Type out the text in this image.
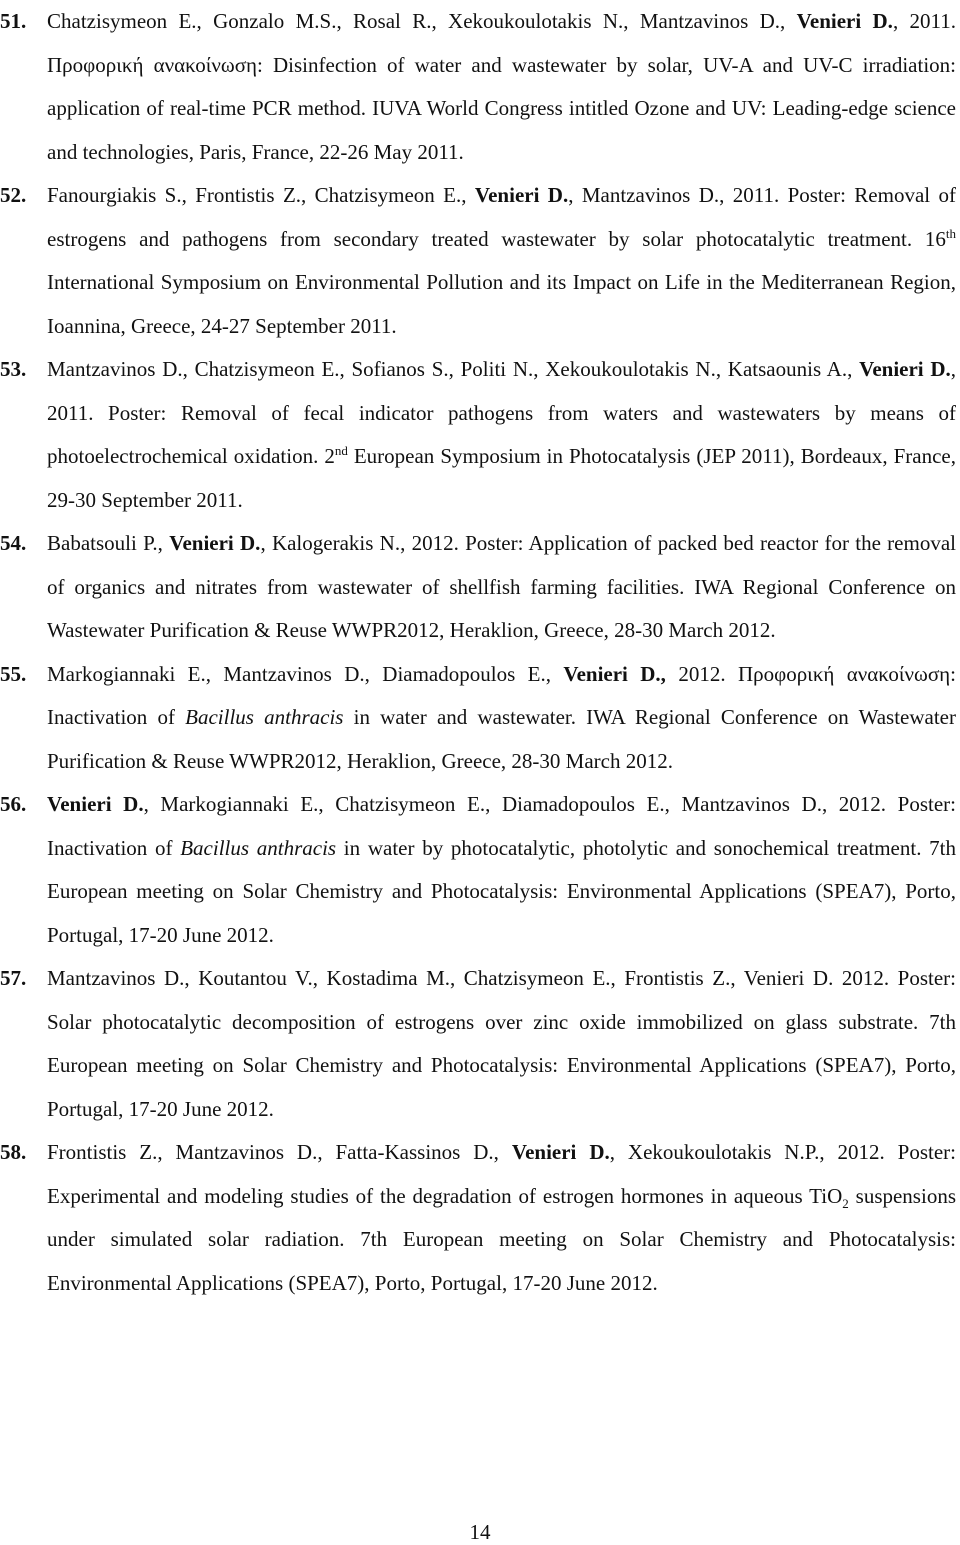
51. Chatzisymeon E., Gonzalo M.S., Rosal R., Xekoukoulotakis N., Mantzavinos D., Venieri D., 2011. Προφορική ανακοίνωση: Disinfection of water and wastewater by solar, UV-A and UV-C irradiation: application of real-time PCR method. IUVA World Congress intitled Ozone and UV: Leading-edge science and technologies, Paris, France, 22-26 May 2011.
52. Fanourgiakis S., Frontistis Z., Chatzisymeon E., Venieri D., Mantzavinos D., 2011. Poster: Removal of estrogens and pathogens from secondary treated wastewater by solar photocatalytic treatment. 16th International Symposium on Environmental Pollution and its Impact on Life in the Mediterranean Region, Ioannina, Greece, 24-27 September 2011.
53. Mantzavinos D., Chatzisymeon E., Sofianos S., Politi N., Xekoukoulotakis N., Katsaounis A., Venieri D., 2011. Poster: Removal of fecal indicator pathogens from waters and wastewaters by means of photoelectrochemical oxidation. 2nd European Symposium in Photocatalysis (JEP 2011), Bordeaux, France, 29-30 September 2011.
54. Babatsouli P., Venieri D., Kalogerakis N., 2012. Poster: Application of packed bed reactor for the removal of organics and nitrates from wastewater of shellfish farming facilities. IWA Regional Conference on Wastewater Purification & Reuse WWPR2012, Heraklion, Greece, 28-30 March 2012.
55. Markogiannaki E., Mantzavinos D., Diamadopoulos E., Venieri D., 2012. Προφορική ανακοίνωση: Inactivation of Bacillus anthracis in water and wastewater. IWA Regional Conference on Wastewater Purification & Reuse WWPR2012, Heraklion, Greece, 28-30 March 2012.
56. Venieri D., Markogiannaki E., Chatzisymeon E., Diamadopoulos E., Mantzavinos D., 2012. Poster: Inactivation of Bacillus anthracis in water by photocatalytic, photolytic and sonochemical treatment. 7th European meeting on Solar Chemistry and Photocatalysis: Environmental Applications (SPEA7), Porto, Portugal, 17-20 June 2012.
57. Mantzavinos D., Koutantou V., Kostadima M., Chatzisymeon E., Frontistis Z., Venieri D. 2012. Poster: Solar photocatalytic decomposition of estrogens over zinc oxide immobilized on glass substrate. 7th European meeting on Solar Chemistry and Photocatalysis: Environmental Applications (SPEA7), Porto, Portugal, 17-20 June 2012.
58. Frontistis Z., Mantzavinos D., Fatta-Kassinos D., Venieri D., Xekoukoulotakis N.P., 2012. Poster: Experimental and modeling studies of the degradation of estrogen hormones in aqueous TiO$_2$ suspensions under simulated solar radiation. 7th European meeting on Solar Chemistry and Photocatalysis: Environmental Applications (SPEA7), Porto, Portugal, 17-20 June 2012.
14
